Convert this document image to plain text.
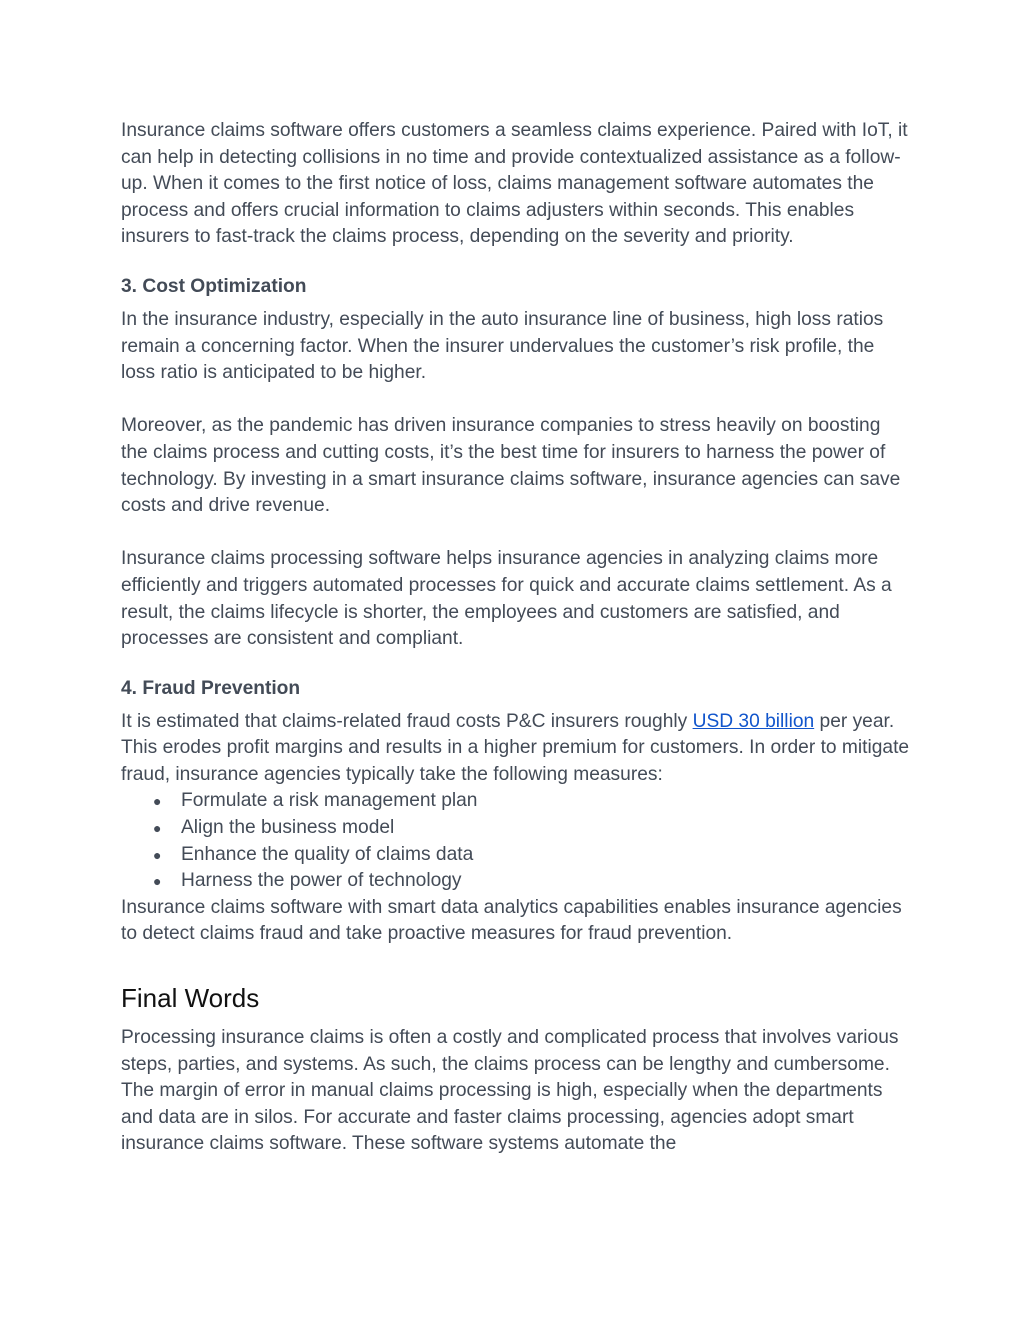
Insurance claims software offers customers a seamless claims experience. Paired with IoT, it can help in detecting collisions in no time and provide contextualized assistance as a follow-up. When it comes to the first notice of loss, claims management software automates the process and offers crucial information to claims adjusters within seconds. This enables insurers to fast-track the claims process, depending on the severity and priority.

3. Cost Optimization

In the insurance industry, especially in the auto insurance line of business, high loss ratios remain a concerning factor. When the insurer undervalues the customer’s risk profile, the loss ratio is anticipated to be higher.

Moreover, as the pandemic has driven insurance companies to stress heavily on boosting the claims process and cutting costs, it’s the best time for insurers to harness the power of technology. By investing in a smart insurance claims software, insurance agencies can save costs and drive revenue.

Insurance claims processing software helps insurance agencies in analyzing claims more efficiently and triggers automated processes for quick and accurate claims settlement. As a result, the claims lifecycle is shorter, the employees and customers are satisfied, and processes are consistent and compliant.

4. Fraud Prevention

It is estimated that claims-related fraud costs P&C insurers roughly USD 30 billion per year. This erodes profit margins and results in a higher premium for customers. In order to mitigate fraud, insurance agencies typically take the following measures:

● Formulate a risk management plan
● Align the business model
● Enhance the quality of claims data
● Harness the power of technology

Insurance claims software with smart data analytics capabilities enables insurance agencies to detect claims fraud and take proactive measures for fraud prevention.

Final Words

Processing insurance claims is often a costly and complicated process that involves various steps, parties, and systems. As such, the claims process can be lengthy and cumbersome. The margin of error in manual claims processing is high, especially when the departments and data are in silos. For accurate and faster claims processing, agencies adopt smart insurance claims software. These software systems automate the
